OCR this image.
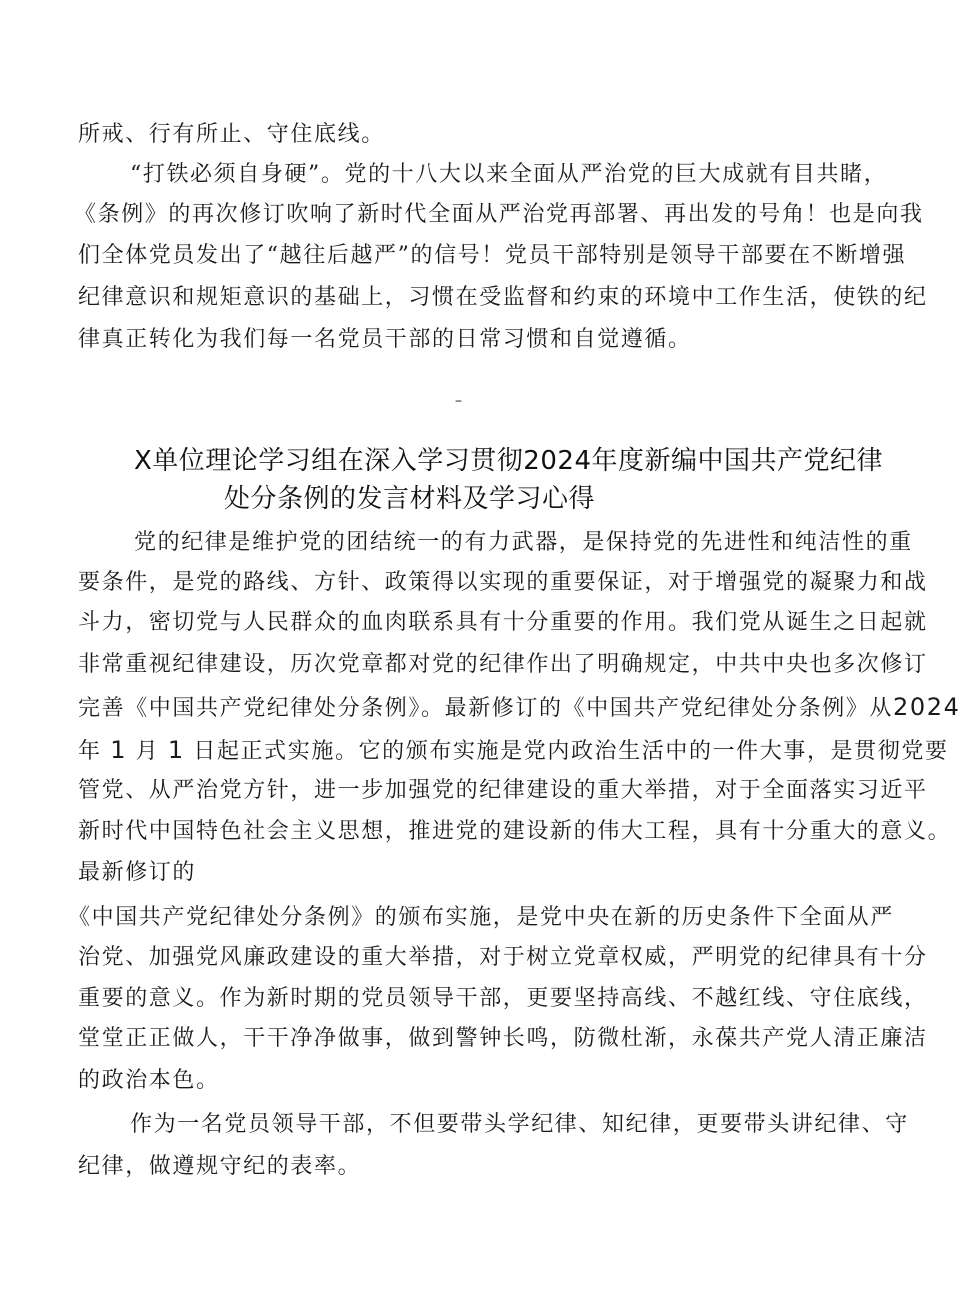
所戒、行有所止、守住底线。
“打铁必须自身硬”。党的十八大以来全面从严治党的巨大成就有目共睹，
《条例》的再次修订吹响了新时代全面从严治党再部署、再出发的号角！也是向我
们全体党员发出了“越往后越严”的信号！党员干部特别是领导干部要在不断增强
纪律意识和规矩意识的基础上，习惯在受监督和约束的环境中工作生活，使铁的纪
律真正转化为我们每一名党员干部的日常习惯和自觉遵循。
–
X单位理论学习组在深入学习贯彻2024年度新编中国共产党纪律
处分条例的发言材料及学习心得
党的纪律是维护党的团结统一的有力武器，是保持党的先进性和纯洁性的重
要条件，是党的路线、方针、政策得以实现的重要保证，对于增强党的凝聚力和战
斗力，密切党与人民群众的血肉联系具有十分重要的作用。我们党从诞生之日起就
非常重视纪律建设，历次党章都对党的纪律作出了明确规定，中共中央也多次修订
完善《中国共产党纪律处分条例》。最新修订的《中国共产党纪律处分条例》从2024
年 1 月 1 日起正式实施。它的颁布实施是党内政治生活中的一件大事，是贯彻党要
管党、从严治党方针，进一步加强党的纪律建设的重大举措，对于全面落实习近平
新时代中国特色社会主义思想，推进党的建设新的伟大工程，具有十分重大的意义。
最新修订的
《中国共产党纪律处分条例》的颁布实施，是党中央在新的历史条件下全面从严
治党、加强党风廉政建设的重大举措，对于树立党章权威，严明党的纪律具有十分
重要的意义。作为新时期的党员领导干部，更要坚持高线、不越红线、守住底线，
堂堂正正做人，干干净净做事，做到警钟长鸣，防微杜渐，永葆共产党人清正廉洁
的政治本色。
作为一名党员领导干部，不但要带头学纪律、知纪律，更要带头讲纪律、守
纪律，做遵规守纪的表率。
